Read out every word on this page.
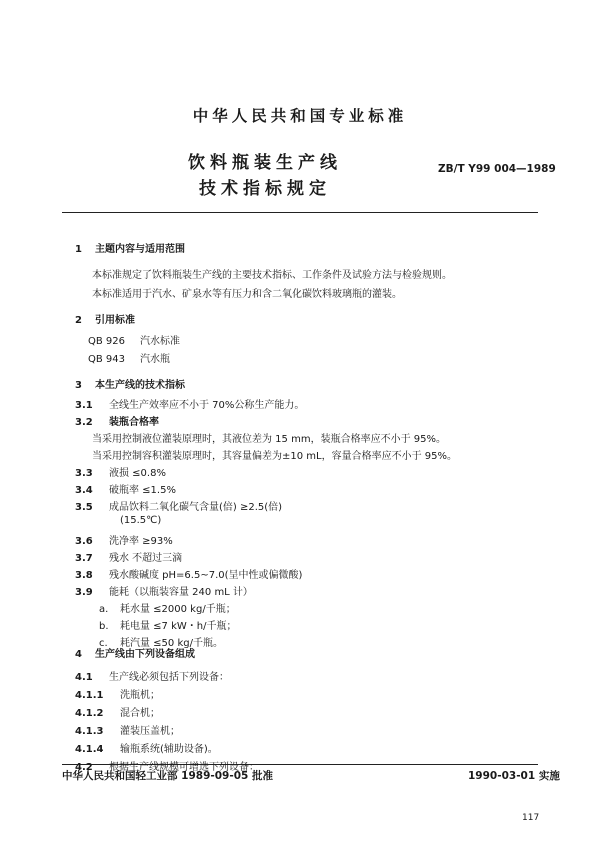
中华人民共和国专业标准
饮料瓶装生产线
技术指标规定
ZB/T Y99 004—1989
1 主题内容与适用范围
本标准规定了饮料瓶装生产线的主要技术指标、工作条件及试验方法与检验规则。
本标准适用于汽水、矿泉水等有压力和含二氧化碳饮料玻璃瓶的灌装。
2 引用标准
QB 926 汽水标准
QB 943 汽水瓶
3 本生产线的技术指标
3.1 全线生产效率应不小于 70%公称生产能力。
3.2 装瓶合格率
当采用控制液位灌装原理时，其液位差为 15 mm，装瓶合格率应不小于 95%。
当采用控制容积灌装原理时，其容量偏差为±10 mL，容量合格率应不小于 95%。
3.3 液损 ≤0.8%
3.4 破瓶率 ≤1.5%
3.5 成品饮料二氧化碳气含量(倍) ≥2.5(倍)
(15.5℃)
3.6 洗净率 ≥93%
3.7 残水 不超过三滴
3.8 残水酸碱度 pH=6.5~7.0(呈中性或偏微酸)
3.9 能耗（以瓶装容量 240 mL 计）
a. 耗水量 ≤2000 kg/千瓶；
b. 耗电量 ≤7 kW・h/千瓶；
c. 耗汽量 ≤50 kg/千瓶。
4 生产线由下列设备组成
4.1 生产线必须包括下列设备：
4.1.1 洗瓶机；
4.1.2 混合机；
中华人民共和国轻工业部 1989-09-05 批准	1990-03-01 实施
117
4.1.3 灌装压盖机；
4.1.4 输瓶系统(辅助设备)。
4.2 根据生产线规模可增选下列设备：
